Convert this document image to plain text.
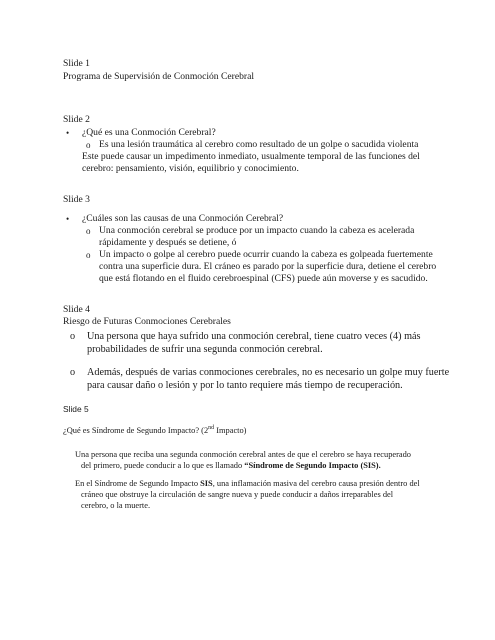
Slide 1
Programa de Supervisión de Conmoción Cerebral
Slide 2
• ¿Qué es una Conmoción Cerebral?
o Es una lesión traumática al cerebro como resultado de un golpe o sacudida violenta
Este puede causar un impedimento inmediato, usualmente temporal de las funciones del
cerebro: pensamiento, visión, equilibrio y conocimiento.
Slide 3
• ¿Cuáles son las causas de una Conmoción Cerebral?
o Una conmoción cerebral se produce por un impacto cuando la cabeza es acelerada
rápidamente y después se detiene, ó
o Un impacto o golpe al cerebro puede ocurrir cuando la cabeza es golpeada fuertemente
contra una superficie dura. El cráneo es parado por la superficie dura, detiene el cerebro
que está flotando en el fluido cerebroespinal (CFS) puede aún moverse y es sacudido.
Slide 4
Riesgo de Futuras Conmociones Cerebrales
o Una persona que haya sufrido una conmoción cerebral, tiene cuatro veces (4) más
probabilidades de sufrir una segunda conmoción cerebral.
o Además, después de varias conmociones cerebrales, no es necesario un golpe muy fuerte
para causar daño o lesión y por lo tanto requiere más tiempo de recuperación.
Slide 5
¿Qué es Síndrome de Segundo Impacto? (2nd Impacto)
Una persona que reciba una segunda conmoción cerebral antes de que el cerebro se haya recuperado
del primero, puede conducir a lo que es llamado “Síndrome de Segundo Impacto (SIS).
En el Síndrome de Segundo Impacto SIS, una inflamación masiva del cerebro causa presión dentro del
cráneo que obstruye la circulación de sangre nueva y puede conducir a daños irreparables del
cerebro, o la muerte.
